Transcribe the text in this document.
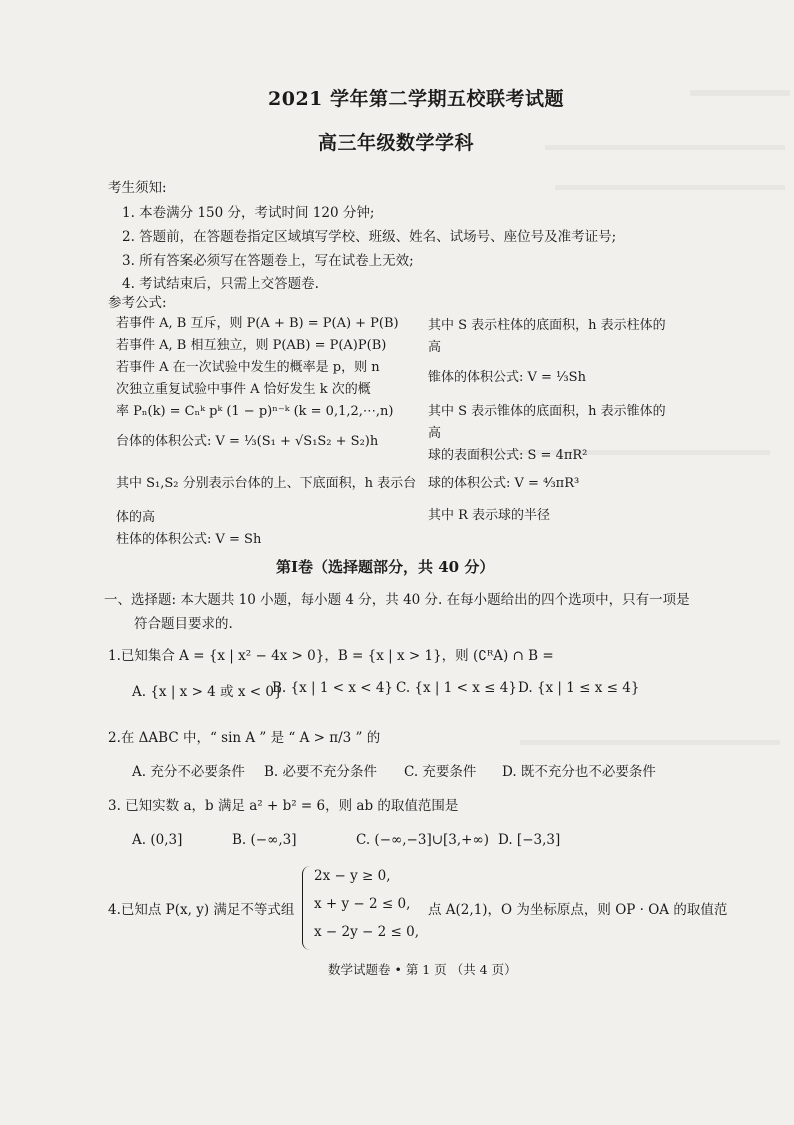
2021 学年第二学期五校联考试题
高三年级数学学科
考生须知:
1. 本卷满分 150 分，考试时间 120 分钟;
2. 答题前，在答题卷指定区域填写学校、班级、姓名、试场号、座位号及准考证号;
3. 所有答案必须写在答题卷上，写在试卷上无效;
4. 考试结束后，只需上交答题卷.
参考公式:
若事件 A, B 互斥，则 P(A + B) = P(A) + P(B)
若事件 A, B 相互独立，则 P(AB) = P(A)P(B)
若事件 A 在一次试验中发生的概率是 p，则 n
次独立重复试验中事件 A 恰好发生 k 次的概
率 Pₙ(k) = Cₙᵏ pᵏ (1 − p)ⁿ⁻ᵏ (k = 0,1,2,⋯,n)
台体的体积公式: V = ⅓(S₁ + √S₁S₂ + S₂)h
其中 S₁,S₂ 分别表示台体的上、下底面积，h 表示台
体的高
柱体的体积公式: V = Sh
其中 S 表示柱体的底面积，h 表示柱体的
高
锥体的体积公式: V = ⅓Sh
其中 S 表示锥体的底面积，h 表示锥体的
高
球的表面积公式: S = 4πR²
球的体积公式: V = ⁴⁄₃πR³
其中 R 表示球的半径
第Ⅰ卷（选择题部分，共 40 分）
一、选择题: 本大题共 10 小题，每小题 4 分，共 40 分. 在每小题给出的四个选项中，只有一项是
符合题目要求的.
1.已知集合 A = {x | x² − 4x > 0}，B = {x | x > 1}，则 (∁ᴿA) ∩ B =
A. {x | x > 4 或 x < 0}
B. {x | 1 < x < 4} C. {x | 1 < x ≤ 4} D. {x | 1 ≤ x ≤ 4}
2.在 ΔABC 中，“ sin A ” 是 “ A > π/3 ” 的
A. 充分不必要条件 B. 必要不充分条件 C. 充要条件 D. 既不充分也不必要条件
3. 已知实数 a，b 满足 a² + b² = 6，则 ab 的取值范围是
A. (0,3]	B. (−∞,3]	C. (−∞,−3]∪[3,+∞) D. [−3,3]
4.已知点 P(x, y) 满足不等式组
2x − y ≥ 0,
x + y − 2 ≤ 0,
x − 2y − 2 ≤ 0,
点 A(2,1)，O 为坐标原点，则 OP · OA 的取值范
数学试题卷 • 第 1 页 （共 4 页）
